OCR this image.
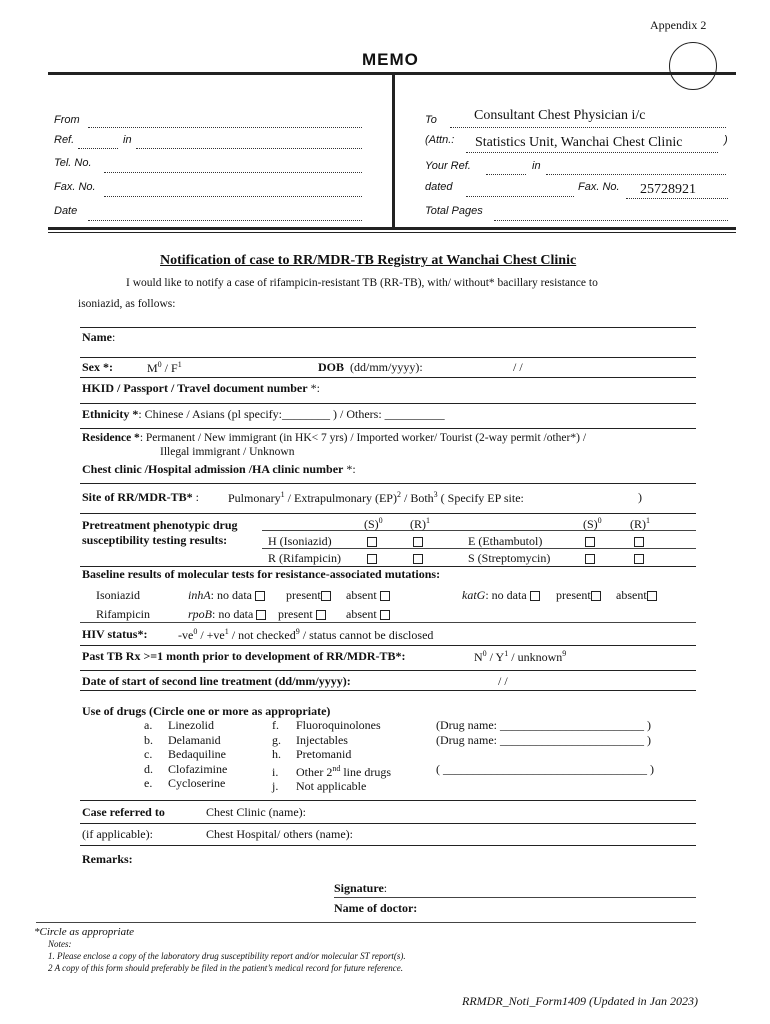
Appendix 2
MEMO
From
Ref.	in
Tel. No.
Fax. No.
Date
To	Consultant Chest Physician i/c
(Attn.: Statistics Unit, Wanchai Chest Clinic	)
Your Ref.	in
dated	Fax. No. 25728921
Total Pages
Notification of case to RR/MDR-TB Registry at Wanchai Chest Clinic
I would like to notify a case of rifampicin-resistant TB (RR-TB), with/ without* bacillary resistance to
isoniazid, as follows:
Name:
Sex *:	$M^0 / F^1$	DOB (dd/mm/yyyy):	/ /
HKID / Passport / Travel document number *:
Ethnicity *: Chinese / Asians (pl specify:________ ) / Others: __________
Residence *: Permanent / New immigrant (in HK< 7 yrs) / Imported worker/ Tourist (2-way permit /other*) /
Illegal immigrant / Unknown
Chest clinic /Hospital admission /HA clinic number *:
Site of RR/MDR-TB* : Pulmonary$^1$ / Extrapulmonary (EP)$^2$ / Both$^3$ ( Specify EP site:	)
Pretreatment phenotypic drug
susceptibility testing results:
$(S)^0$ $(R)^1$	$(S)^0$ $(R)^1$
H (Isoniazid)	E (Ethambutol)
R (Rifampicin)	S (Streptomycin)
Baseline results of molecular tests for resistance-associated mutations:
Isoniazid	inhA: no data	present	absent	katG: no data	present	absent
Rifampicin	rpoB: no data	present	absent
HIV status*:	$-ve^0 / +ve^1$ / not checked$^9$ / status cannot be disclosed
Past TB Rx >=1 month prior to development of RR/MDR-TB*:	$N^0 / Y^1$ / unknown$^9$
Date of start of second line treatment (dd/mm/yyyy):	/ /
Use of drugs (Circle one or more as appropriate)
a. Linezolid
b. Delamanid
c. Bedaquiline
d. Clofazimine
e. Cycloserine
f. Fluoroquinolones
g. Injectables
h. Pretomanid
i. Other 2nd line drugs
j. Not applicable
(Drug name: ________________________ )
(Drug name: ________________________ )
( __________________________________ )
Case referred to	Chest Clinic (name):
(if applicable):	Chest Hospital/ others (name):
Remarks:
Signature:
Name of doctor:
*Circle as appropriate
Notes:
1. Please enclose a copy of the laboratory drug susceptibility report and/or molecular ST report(s).
2 A copy of this form should preferably be filed in the patient’s medical record for future reference.
RRMDR_Noti_Form1409 (Updated in Jan 2023)
